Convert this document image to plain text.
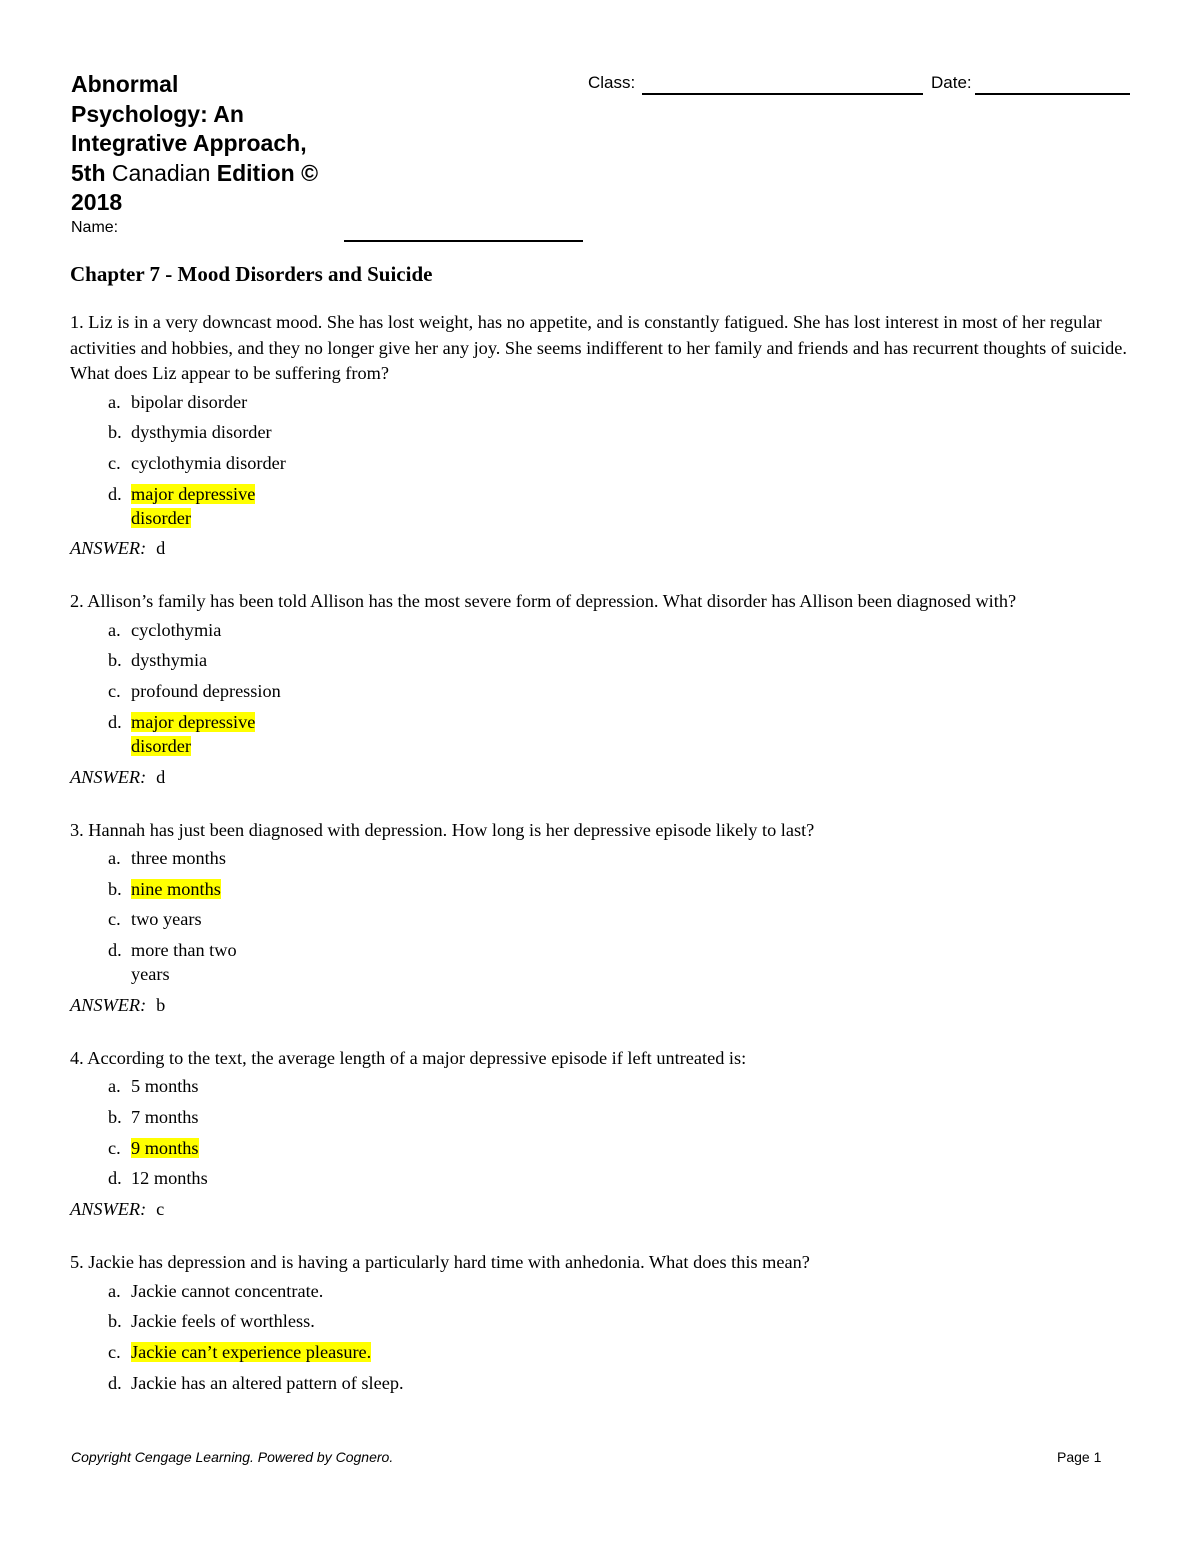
Abnormal
Psychology: An
Integrative Approach,
5th Canadian Edition ©
2018
Name:
Class:	Date:
Chapter 7 - Mood Disorders and Suicide
1. Liz is in a very downcast mood. She has lost weight, has no appetite, and is constantly fatigued. She has lost interest in most of her regular activities and hobbies, and they no longer give her any joy. She seems indifferent to her family and friends and has recurrent thoughts of suicide. What does Liz appear to be suffering from?
a. bipolar disorder
b. dysthymia disorder
c. cyclothymia disorder
d. major depressive disorder
ANSWER: d
2. Allison’s family has been told Allison has the most severe form of depression. What disorder has Allison been diagnosed with?
a. cyclothymia
b. dysthymia
c. profound depression
d. major depressive disorder
ANSWER: d
3. Hannah has just been diagnosed with depression. How long is her depressive episode likely to last?
a. three months
b. nine months
c. two years
d. more than two years
ANSWER: b
4. According to the text, the average length of a major depressive episode if left untreated is:
a. 5 months
b. 7 months
c. 9 months
d. 12 months
ANSWER: c
5. Jackie has depression and is having a particularly hard time with anhedonia. What does this mean?
a. Jackie cannot concentrate.
b. Jackie feels of worthless.
c. Jackie can’t experience pleasure.
d. Jackie has an altered pattern of sleep.
Copyright Cengage Learning. Powered by Cognero.	Page 1
